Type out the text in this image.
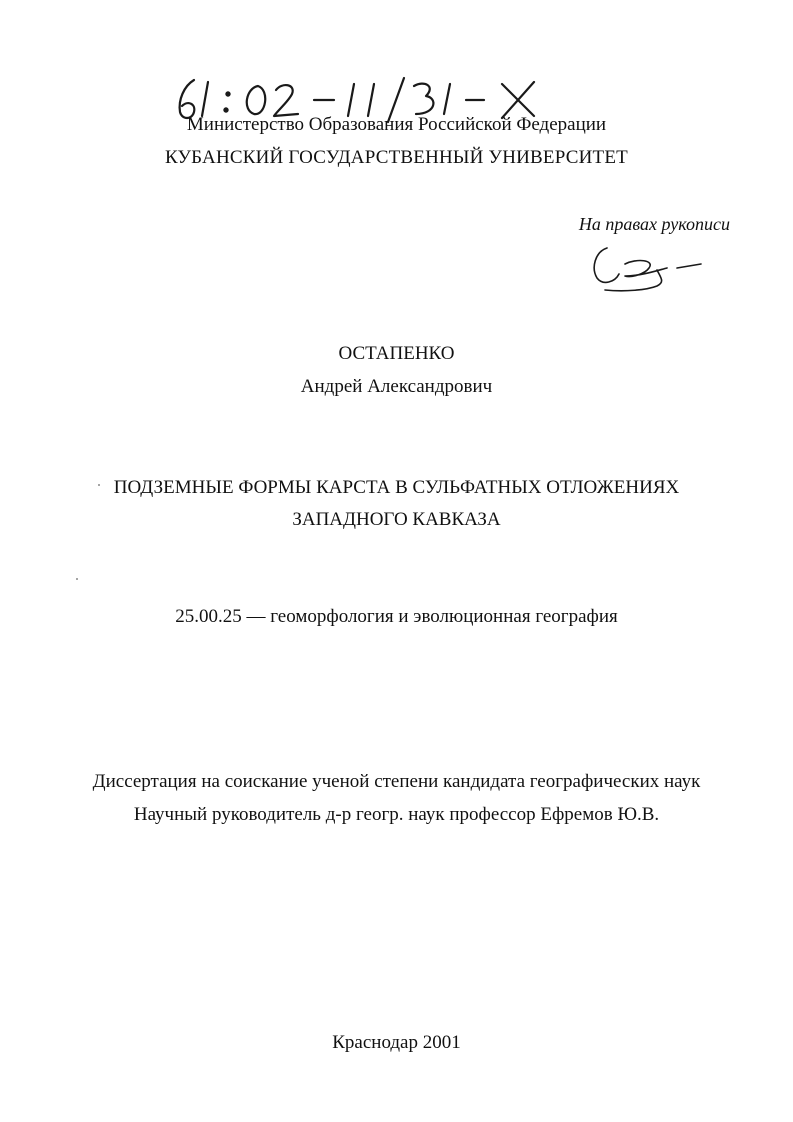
Министерство Образования Российской Федерации
КУБАНСКИЙ ГОСУДАРСТВЕННЫЙ УНИВЕРСИТЕТ
На правах рукописи
ОСТАПЕНКО
Андрей Александрович
ПОДЗЕМНЫЕ ФОРМЫ КАРСТА В СУЛЬФАТНЫХ ОТЛОЖЕНИЯХ
ЗАПАДНОГО КАВКАЗА
25.00.25 — геоморфология и эволюционная география
Диссертация на соискание ученой степени кандидата географических наук
Научный руководитель д-р геогр. наук профессор Ефремов Ю.В.
Краснодар 2001
